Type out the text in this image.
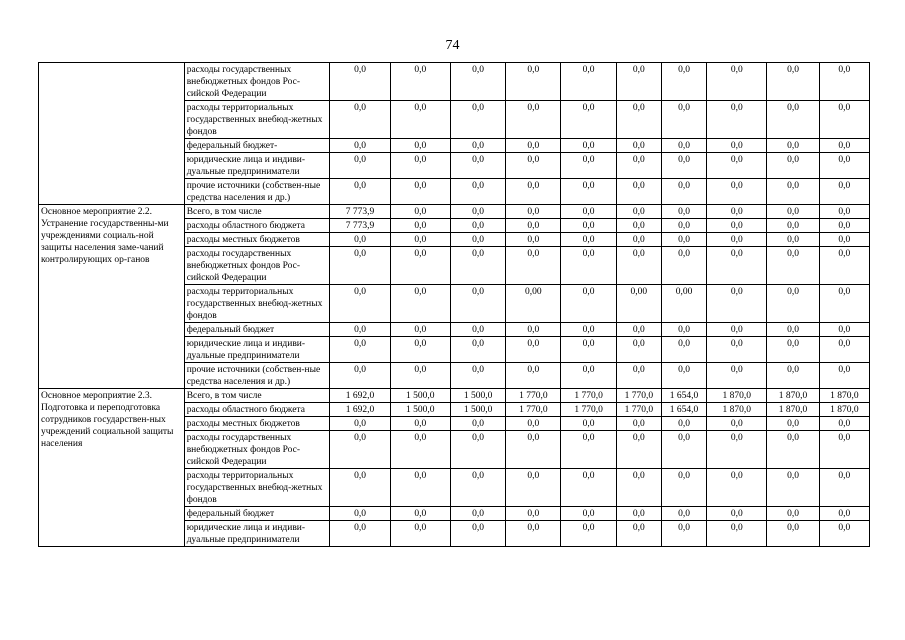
74
	расходы государственных внебюджетных фондов Рос-сийской Федерации	0,0	0,0	0,0	0,0	0,0	0,0	0,0	0,0	0,0	0,0
	расходы территориальных государственных внебюд-жетных фондов	0,0	0,0	0,0	0,0	0,0	0,0	0,0	0,0	0,0	0,0
	федеральный бюджет-	0,0	0,0	0,0	0,0	0,0	0,0	0,0	0,0	0,0	0,0
	юридические лица и индиви-дуальные предприниматели	0,0	0,0	0,0	0,0	0,0	0,0	0,0	0,0	0,0	0,0
	прочие источники (собствен-ные средства населения и др.)	0,0	0,0	0,0	0,0	0,0	0,0	0,0	0,0	0,0	0,0
Основное мероприятие 2.2. Устранение государственны-ми учреждениями социаль-ной защиты населения заме-чаний контролирующих ор-ганов	Всего, в том числе	7 773,9	0,0	0,0	0,0	0,0	0,0	0,0	0,0	0,0	0,0
	расходы областного бюджета	7 773,9	0,0	0,0	0,0	0,0	0,0	0,0	0,0	0,0	0,0
	расходы местных бюджетов	0,0	0,0	0,0	0,0	0,0	0,0	0,0	0,0	0,0	0,0
	расходы государственных внебюджетных фондов Рос-сийской Федерации	0,0	0,0	0,0	0,0	0,0	0,0	0,0	0,0	0,0	0,0
	расходы территориальных государственных внебюд-жетных фондов	0,0	0,0	0,0	0,00	0,0	0,00	0,00	0,0	0,0	0,0
	федеральный бюджет	0,0	0,0	0,0	0,0	0,0	0,0	0,0	0,0	0,0	0,0
	юридические лица и индиви-дуальные предприниматели	0,0	0,0	0,0	0,0	0,0	0,0	0,0	0,0	0,0	0,0
	прочие источники (собствен-ные средства населения и др.)	0,0	0,0	0,0	0,0	0,0	0,0	0,0	0,0	0,0	0,0
Основное мероприятие 2.3. Подготовка и переподготовка сотрудников государствен-ных учреждений социальной защиты населения	Всего, в том числе	1 692,0	1 500,0	1 500,0	1 770,0	1 770,0	1 770,0	1 654,0	1 870,0	1 870,0	1 870,0
	расходы областного бюджета	1 692,0	1 500,0	1 500,0	1 770,0	1 770,0	1 770,0	1 654,0	1 870,0	1 870,0	1 870,0
	расходы местных бюджетов	0,0	0,0	0,0	0,0	0,0	0,0	0,0	0,0	0,0	0,0
	расходы государственных внебюджетных фондов Рос-сийской Федерации	0,0	0,0	0,0	0,0	0,0	0,0	0,0	0,0	0,0	0,0
	расходы территориальных государственных внебюд-жетных фондов	0,0	0,0	0,0	0,0	0,0	0,0	0,0	0,0	0,0	0,0
	федеральный бюджет	0,0	0,0	0,0	0,0	0,0	0,0	0,0	0,0	0,0	0,0
	юридические лица и индиви-дуальные предприниматели	0,0	0,0	0,0	0,0	0,0	0,0	0,0	0,0	0,0	0,0
